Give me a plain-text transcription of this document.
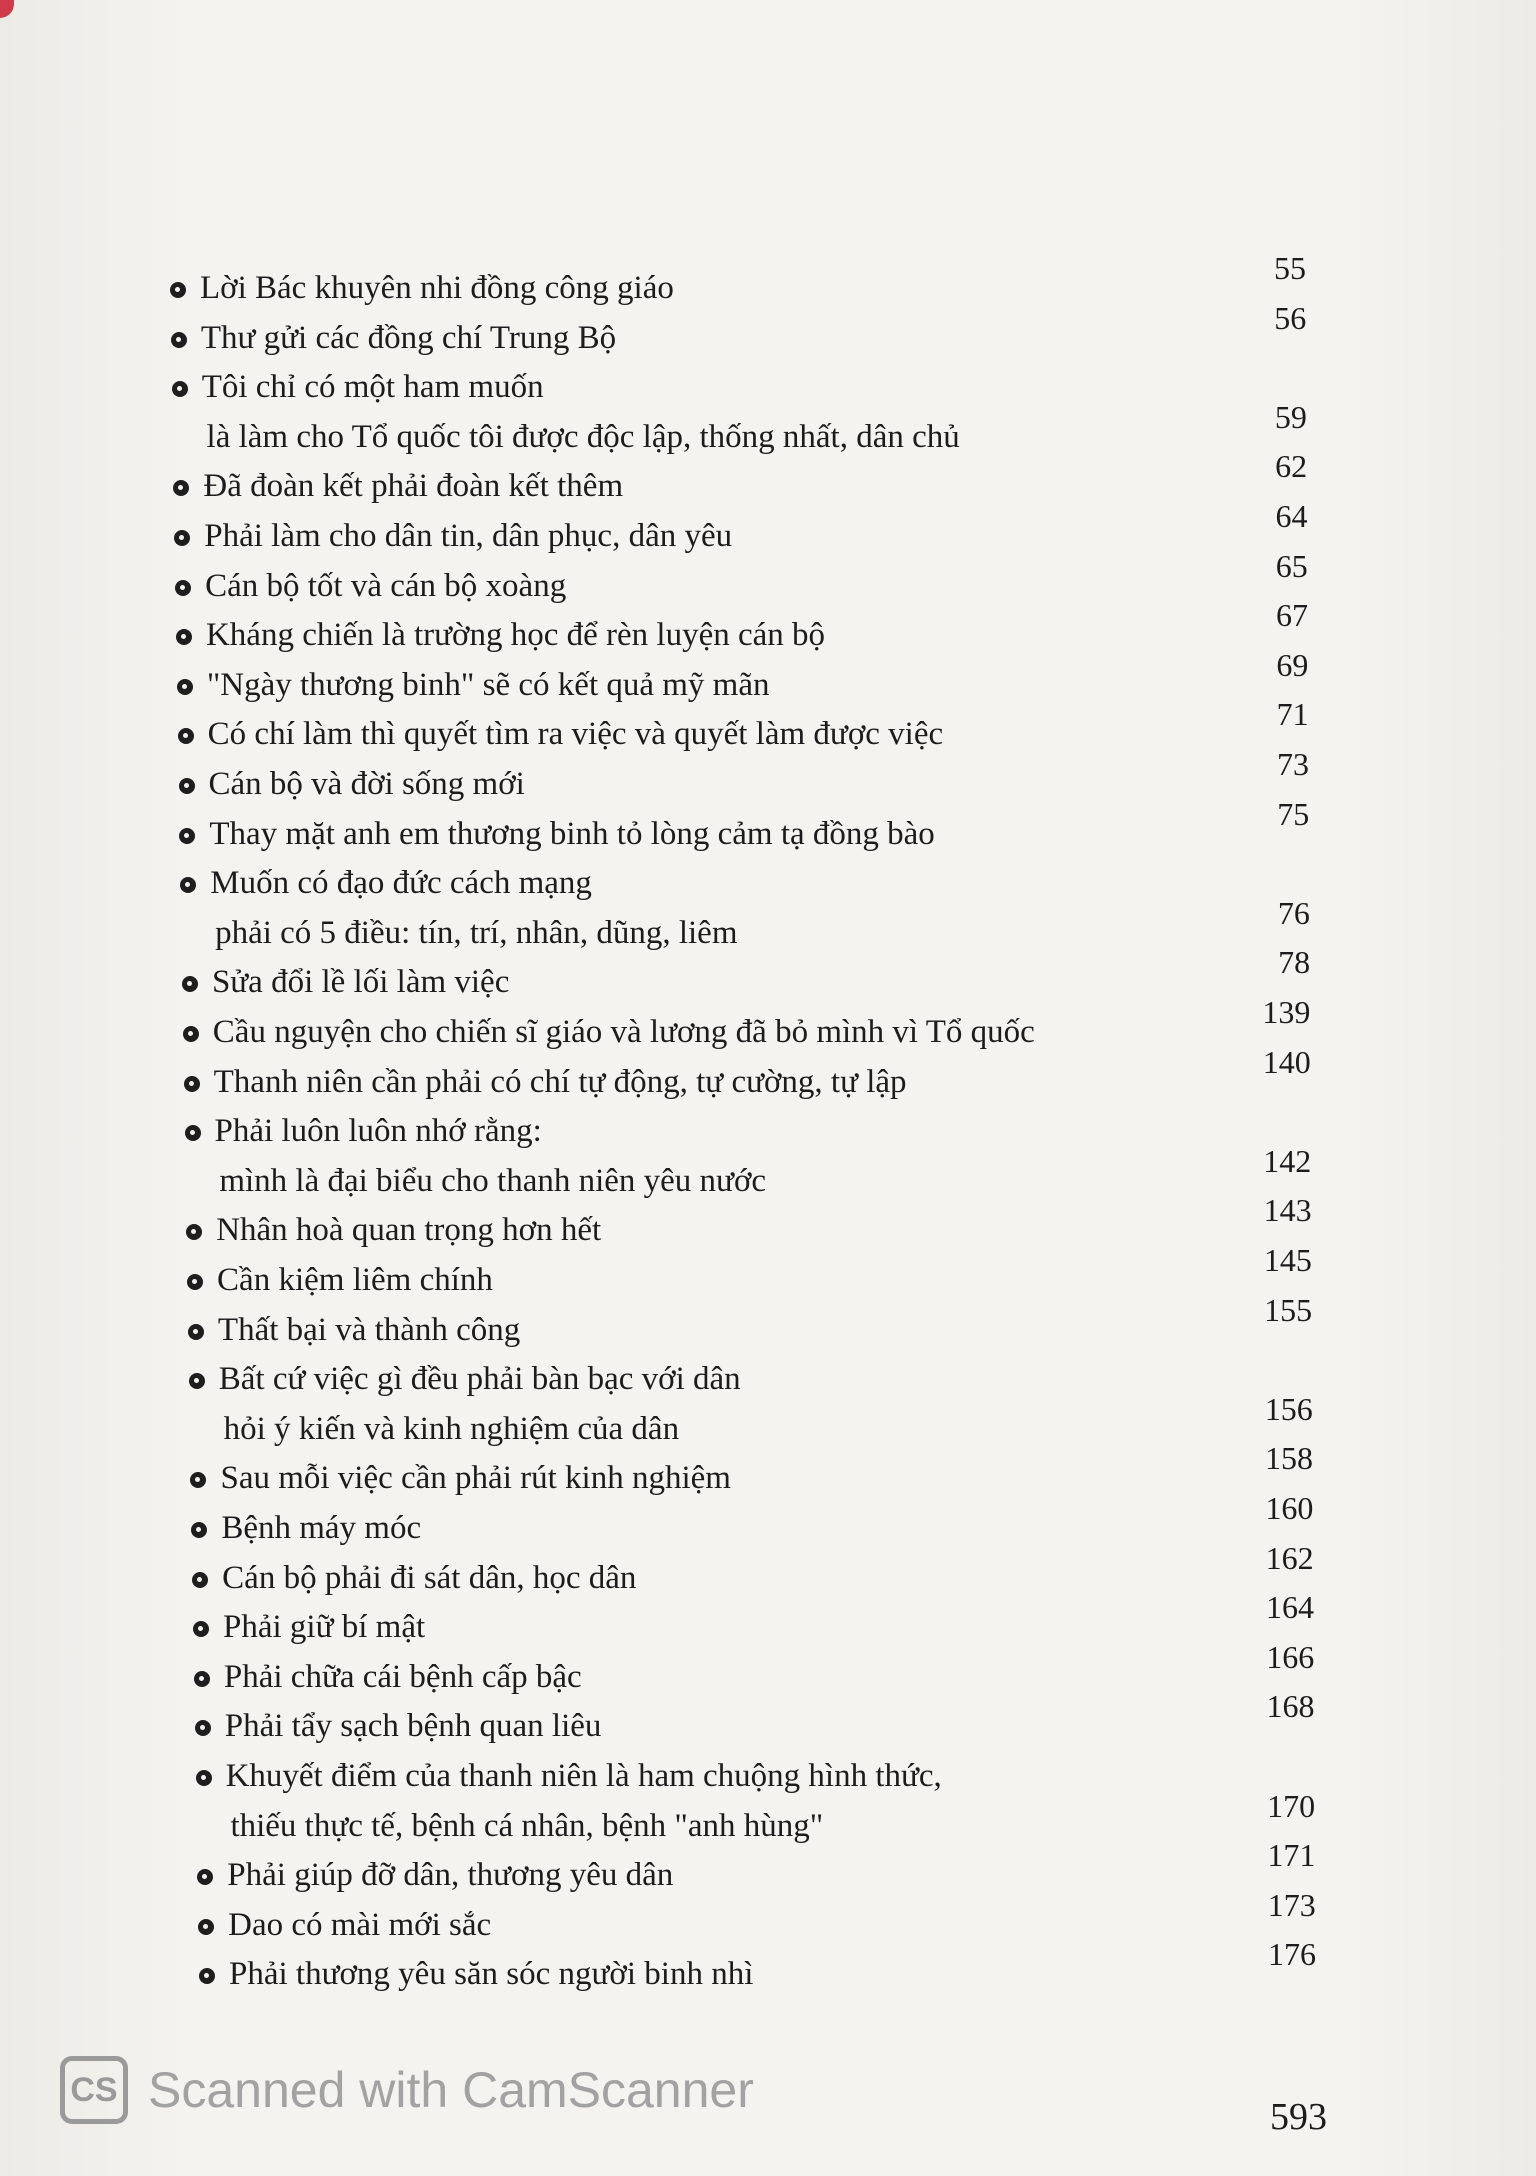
Lời Bác khuyên nhi đồng công giáo
55
Thư gửi các đồng chí Trung Bộ
56
Tôi chỉ có một ham muốn
là làm cho Tổ quốc tôi được độc lập, thống nhất, dân chủ
59
Đã đoàn kết phải đoàn kết thêm
62
Phải làm cho dân tin, dân phục, dân yêu
64
Cán bộ tốt và cán bộ xoàng
65
Kháng chiến là trường học để rèn luyện cán bộ
67
"Ngày thương binh" sẽ có kết quả mỹ mãn
69
Có chí làm thì quyết tìm ra việc và quyết làm được việc
71
Cán bộ và đời sống mới
73
Thay mặt anh em thương binh tỏ lòng cảm tạ đồng bào
75
Muốn có đạo đức cách mạng
phải có 5 điều: tín, trí, nhân, dũng, liêm
76
Sửa đổi lề lối làm việc
78
Cầu nguyện cho chiến sĩ giáo và lương đã bỏ mình vì Tổ quốc
139
Thanh niên cần phải có chí tự động, tự cường, tự lập
140
Phải luôn luôn nhớ rằng:
mình là đại biểu cho thanh niên yêu nước
142
Nhân hoà quan trọng hơn hết
143
Cần kiệm liêm chính
145
Thất bại và thành công
155
Bất cứ việc gì đều phải bàn bạc với dân
hỏi ý kiến và kinh nghiệm của dân
156
Sau mỗi việc cần phải rút kinh nghiệm
158
Bệnh máy móc
160
Cán bộ phải đi sát dân, học dân
162
Phải giữ bí mật
164
Phải chữa cái bệnh cấp bậc
166
Phải tẩy sạch bệnh quan liêu
168
Khuyết điểm của thanh niên là ham chuộng hình thức,
thiếu thực tế, bệnh cá nhân, bệnh "anh hùng"
170
Phải giúp đỡ dân, thương yêu dân
171
Dao có mài mới sắc
173
Phải thương yêu săn sóc người binh nhì
176
CS Scanned with CamScanner	593
